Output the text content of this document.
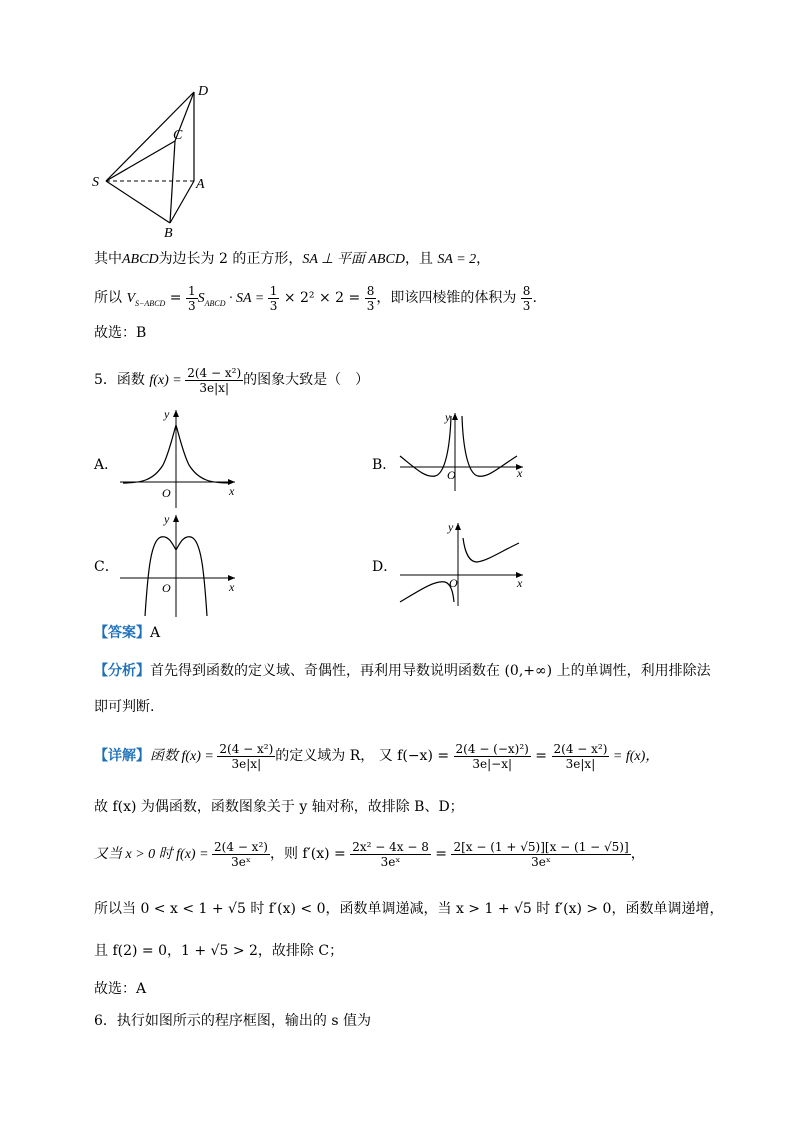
D
C
S	A
B
其中ABCD为边长为 2 的正方形，SA ⊥ 平面 ABCD，且 SA = 2，
所以 $V_{S-ABCD} = \frac{1}{3} S_{ABCD}$ · SA = $\frac{1}{3} \times 2^2 \times 2 = \frac{8}{3}$ ，即该四棱锥的体积为 $\frac{8}{3}$ .
故选：B
5．函数 $f(x) = \frac{\text{2(4 − x²)}}{3e|x|}$ 的图象大致是（　）
A．
y
x
O
B．
y
x
O
C．
y
x
O
D．
y
x
O
【答案】A
【分析】首先得到函数的定义域、奇偶性，再利用导数说明函数在 (0,+∞) 上的单调性，利用排除法
即可判断.
【详解】函数 $f(x) = \frac{\text{2(4 − x²)}}{3e|x|}$ 的定义域为 R， 又 $f(-x) = \frac{\text{2(4 − (−x)²)}}{3e|-x|} = \frac{\text{2(4 − x²)}}{3e|x|} = f(x)$，
故 f(x) 为偶函数，函数图象关于 y 轴对称，故排除 B、D；
又当 x > 0 时 $f(x) = \frac{\text{2(4 − x²)}}{\text{3eˣ}}$ ，则 $f'(x) = \frac{\text{2x² − 4x − 8}}{\text{3eˣ}} = \frac{2[x - (1 + √5)][x - (1 - √5)]}{\text{3eˣ}}$ ，
所以当 0 < x < 1 + √5 时 f′(x) < 0，函数单调递减，当 x > 1 + √5 时 f′(x) > 0，函数单调递增，
且 f(2) = 0，1 + √5 > 2，故排除 C；
故选：A
6．执行如图所示的程序框图，输出的 s 值为
